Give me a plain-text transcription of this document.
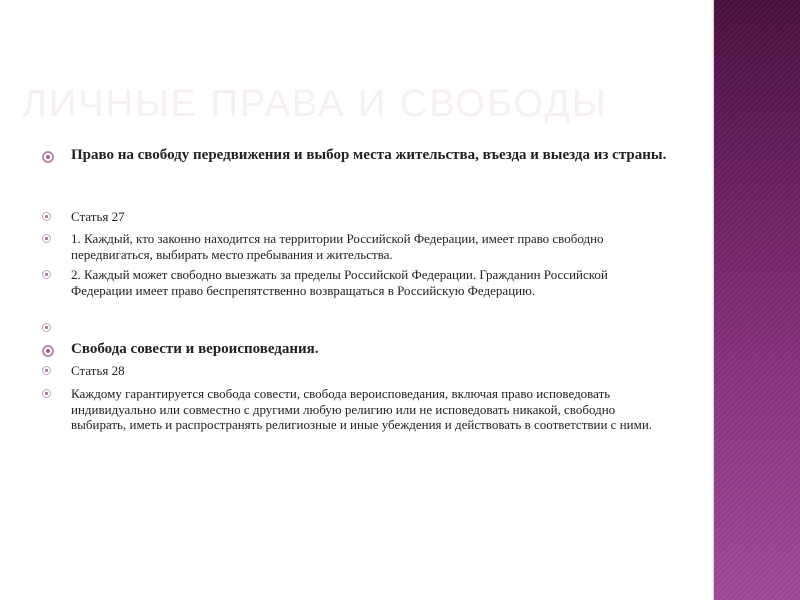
ЛИЧНЫЕ ПРАВА И СВОБОДЫ
Право на свободу передвижения и выбор места жительства, въезда и выезда из страны.
Статья 27
1. Каждый, кто законно находится на территории Российской Федерации, имеет право свободно передвигаться, выбирать место пребывания и жительства.
2. Каждый может свободно выезжать за пределы Российской Федерации. Гражданин Российской Федерации имеет право беспрепятственно возвращаться в Российскую Федерацию.
Свобода совести и вероисповедания.
Статья 28
Каждому гарантируется свобода совести, свобода вероисповедания, включая право исповедовать индивидуально или совместно с другими любую религию или не исповедовать никакой, свободно выбирать, иметь и распространять религиозные и иные убеждения и действовать в соответствии с ними.
